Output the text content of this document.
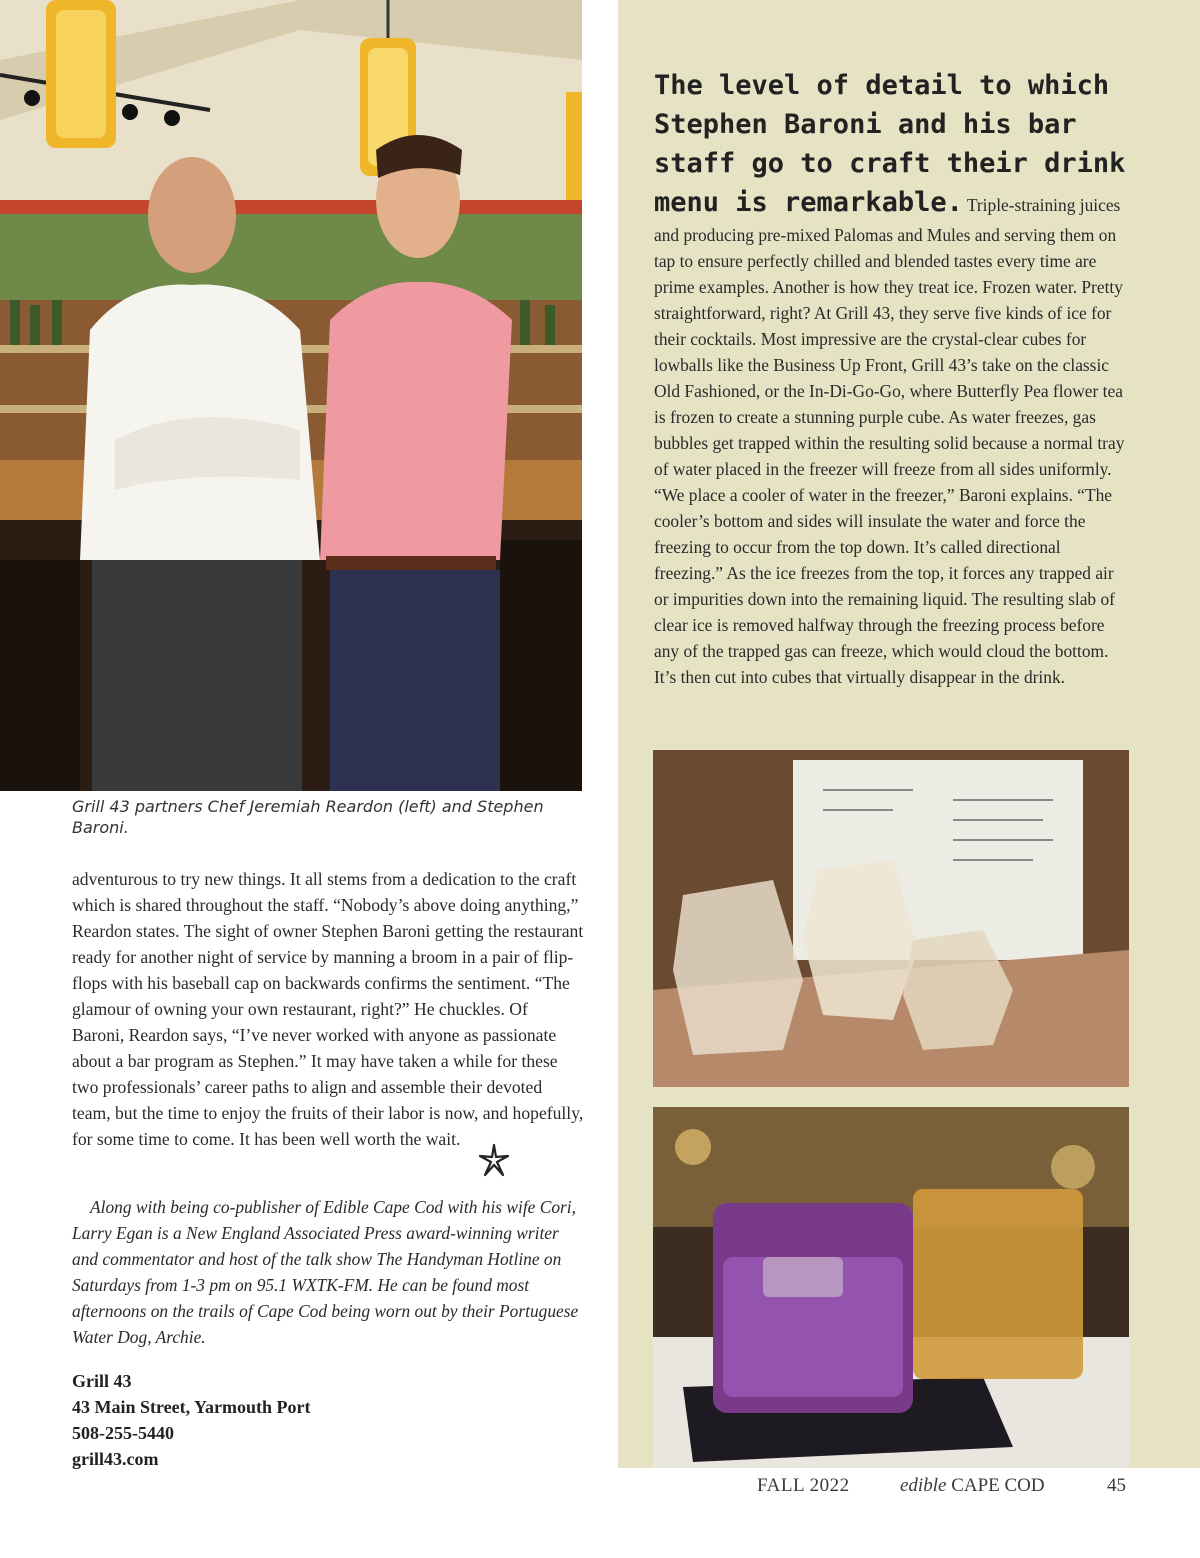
Grill 43 partners Chef Jeremiah Reardon (left) and Stephen Baroni.

adventurous to try new things. It all stems from a dedication to the craft which is shared throughout the staff. “Nobody’s above doing anything,” Reardon states. The sight of owner Stephen Baroni getting the restaurant ready for another night of service by manning a broom in a pair of flip-flops with his baseball cap on backwards confirms the sentiment. “The glamour of owning your own restaurant, right?” He chuckles. Of Baroni, Reardon says, “I’ve never worked with anyone as passionate about a bar program as Stephen.” It may have taken a while for these two professionals’ career paths to align and assemble their devoted team, but the time to enjoy the fruits of their labor is now, and hopefully, for some time to come. It has been well worth the wait.

Along with being co-publisher of Edible Cape Cod with his wife Cori, Larry Egan is a New England Associated Press award-winning writer and commentator and host of the talk show The Handyman Hotline on Saturdays from 1-3 pm on 95.1 WXTK-FM. He can be found most afternoons on the trails of Cape Cod being worn out by their Portuguese Water Dog, Archie.

Grill 43
43 Main Street, Yarmouth Port
508-255-5440
grill43.com
The level of detail to which Stephen Baroni and his bar staff go to craft their drink menu is remarkable. Triple-straining juices and producing pre-mixed Palomas and Mules and serving them on tap to ensure perfectly chilled and blended tastes every time are prime examples. Another is how they treat ice. Frozen water. Pretty straightforward, right? At Grill 43, they serve five kinds of ice for their cocktails. Most impressive are the crystal-clear cubes for lowballs like the Business Up Front, Grill 43’s take on the classic Old Fashioned, or the In-Di-Go-Go, where Butterfly Pea flower tea is frozen to create a stunning purple cube. As water freezes, gas bubbles get trapped within the resulting solid because a normal tray of water placed in the freezer will freeze from all sides uniformly. “We place a cooler of water in the freezer,” Baroni explains. “The cooler’s bottom and sides will insulate the water and force the freezing to occur from the top down. It’s called directional freezing.” As the ice freezes from the top, it forces any trapped air or impurities down into the remaining liquid. The resulting slab of clear ice is removed halfway through the freezing process before any of the trapped gas can freeze, which would cloud the bottom. It’s then cut into cubes that virtually disappear in the drink.
FALL 2022	edible CAPE COD	45
